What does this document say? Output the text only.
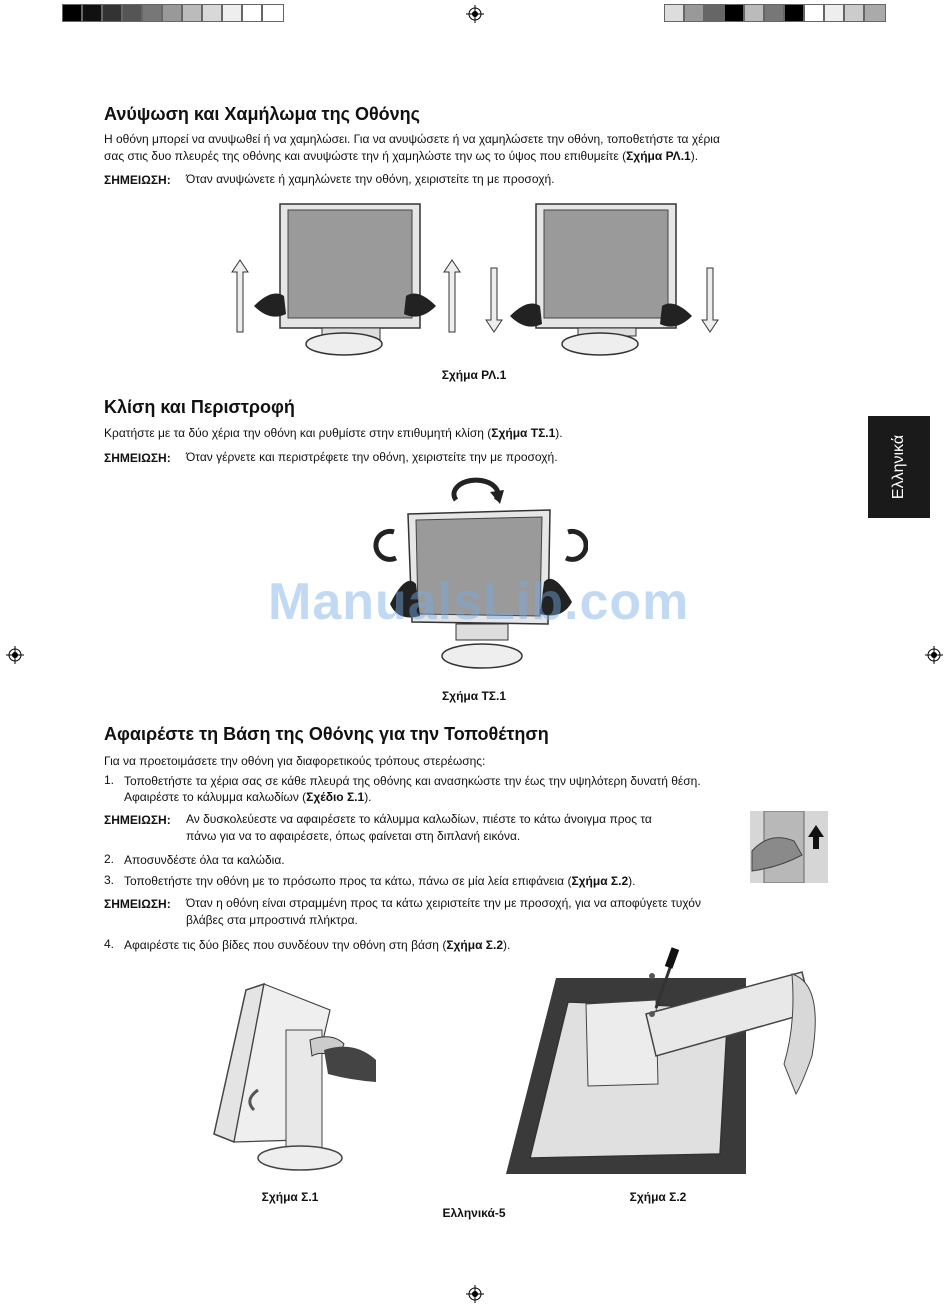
Ελληνικά
Ανύψωση και Χαμήλωμα της Οθόνης
Η οθόνη μπορεί να ανυψωθεί ή να χαμηλώσει. Για να ανυψώσετε ή να χαμηλώσετε την οθόνη, τοποθετήστε τα χέρια
σας στις δυο πλευρές της οθόνης και ανυψώστε την ή χαμηλώστε την ως το ύψος που επιθυμείτε (Σχήμα ΡΛ.1).
ΣΗΜΕΙΩΣΗ: Όταν ανυψώνετε ή χαμηλώνετε την οθόνη, χειριστείτε τη με προσοχή.
Σχήμα ΡΛ.1
Κλίση και Περιστροφή
Κρατήστε με τα δύο χέρια την οθόνη και ρυθμίστε στην επιθυμητή κλίση (Σχήμα ΤΣ.1).
ΣΗΜΕΙΩΣΗ: Όταν γέρνετε και περιστρέφετε την οθόνη, χειριστείτε την με προσοχή.
ManualsLib.com
Σχήμα ΤΣ.1
Αφαιρέστε τη Βάση της Οθόνης για την Τοποθέτηση
Για να προετοιμάσετε την οθόνη για διαφορετικούς τρόπους στερέωσης:
1. Τοποθετήστε τα χέρια σας σε κάθε πλευρά της οθόνης και ανασηκώστε την έως την υψηλότερη δυνατή θέση.
Αφαιρέστε το κάλυμμα καλωδίων (Σχέδιο Σ.1).
ΣΗΜΕΙΩΣΗ: Αν δυσκολεύεστε να αφαιρέσετε το κάλυμμα καλωδίων, πιέστε το κάτω άνοιγμα προς τα
πάνω για να το αφαιρέσετε, όπως φαίνεται στη διπλανή εικόνα.
2. Αποσυνδέστε όλα τα καλώδια.
3. Τοποθετήστε την οθόνη με το πρόσωπο προς τα κάτω, πάνω σε μία λεία επιφάνεια (Σχήμα Σ.2).
ΣΗΜΕΙΩΣΗ: Όταν η οθόνη είναι στραμμένη προς τα κάτω χειριστείτε την με προσοχή, για να αποφύγετε τυχόν
βλάβες στα μπροστινά πλήκτρα.
4. Αφαιρέστε τις δύο βίδες που συνδέουν την οθόνη στη βάση (Σχήμα Σ.2).
Σχήμα Σ.1	Σχήμα Σ.2
Ελληνικά-5
